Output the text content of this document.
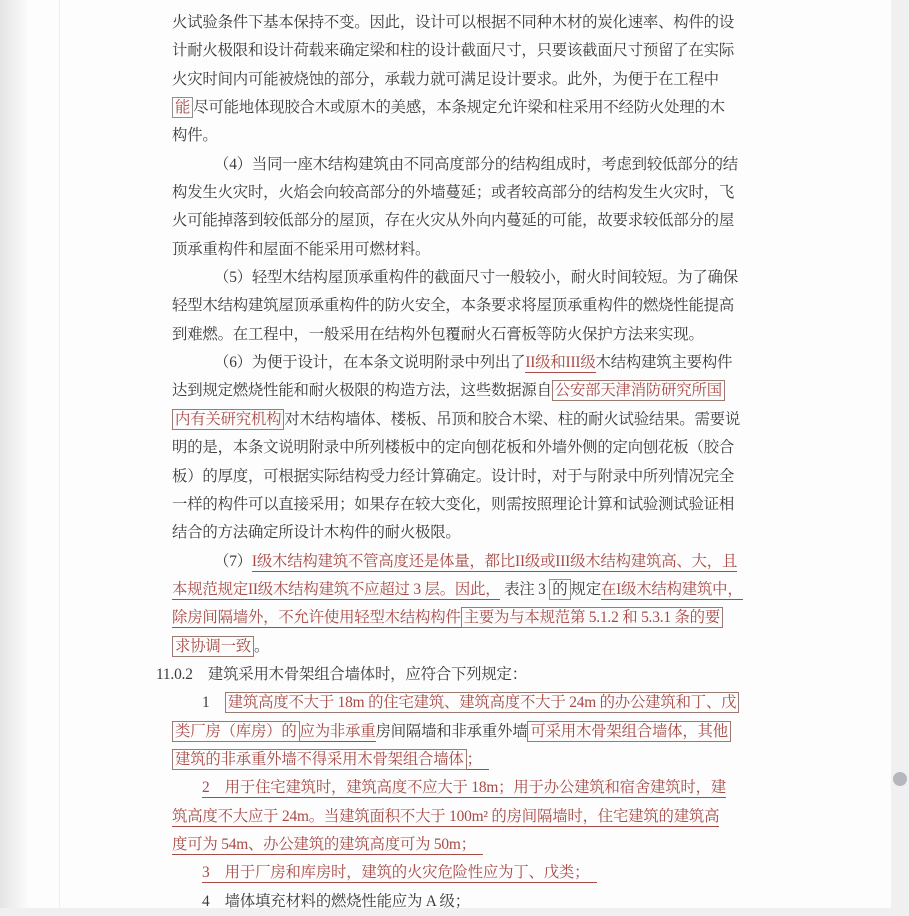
火试验条件下基本保持不变。因此，设计可以根据不同种木材的炭化速率、构件的设
计耐火极限和设计荷载来确定梁和柱的设计截面尺寸，只要该截面尺寸预留了在实际
火灾时间内可能被烧蚀的部分，承载力就可满足设计要求。此外，为便于在工程中
能 尽可能地体现胶合木或原木的美感，本条规定允许梁和柱采用不经防火处理的木
构件。
（4）当同一座木结构建筑由不同高度部分的结构组成时，考虑到较低部分的结
构发生火灾时，火焰会向较高部分的外墙蔓延；或者较高部分的结构发生火灾时，飞
火可能掉落到较低部分的屋顶，存在火灾从外向内蔓延的可能，故要求较低部分的屋
顶承重构件和屋面不能采用可燃材料。
（5）轻型木结构屋顶承重构件的截面尺寸一般较小，耐火时间较短。为了确保
轻型木结构建筑屋顶承重构件的防火安全，本条要求将屋顶承重构件的燃烧性能提高
到难燃。在工程中，一般采用在结构外包覆耐火石膏板等防火保护方法来实现。
（6）为便于设计，在本条文说明附录中列出了II级和III级木结构建筑主要构件
达到规定燃烧性能和耐火极限的构造方法，这些数据源自 公安部天津消防研究所国
内有关研究机构 对木结构墙体、楼板、吊顶和胶合木梁、柱的耐火试验结果。需要说
明的是，本条文说明附录中所列楼板中的定向刨花板和外墙外侧的定向刨花板（胶合
板）的厚度，可根据实际结构受力经计算确定。设计时，对于与附录中所列情况完全
一样的构件可以直接采用；如果存在较大变化，则需按照理论计算和试验测试验证相
结合的方法确定所设计木构件的耐火极限。
（7）I级木结构建筑不管高度还是体量，都比II级或III级木结构建筑高、大，且
本规范规定II级木结构建筑不应超过 3 层。因此， 表注 3 的 规定在I级木结构建筑中，
除房间隔墙外，不允许使用轻型木结构构件 主要为与本规范第 5.1.2 和 5.3.1 条的要
求协调一致 。
11.0.2　建筑采用木骨架组合墙体时，应符合下列规定：
1　建筑高度不大于 18m 的住宅建筑、建筑高度不大于 24m 的办公建筑和丁、戊
类厂房（库房）的 应为非承重房间隔墙和非承重外墙 可采用木骨架组合墙体，其他
建筑的非承重外墙不得采用木骨架组合墙体 ；　
2　用于住宅建筑时，建筑高度不应大于 18m；用于办公建筑和宿舍建筑时，建
筑高度不大应于 24m。当建筑面积不大于 100m² 的房间隔墙时，住宅建筑的建筑高
度可为 54m、办公建筑的建筑高度可为 50m；　
3　用于厂房和库房时，建筑的火灾危险性应为丁、戊类；　
4　墙体填充材料的燃烧性能应为 A 级；
